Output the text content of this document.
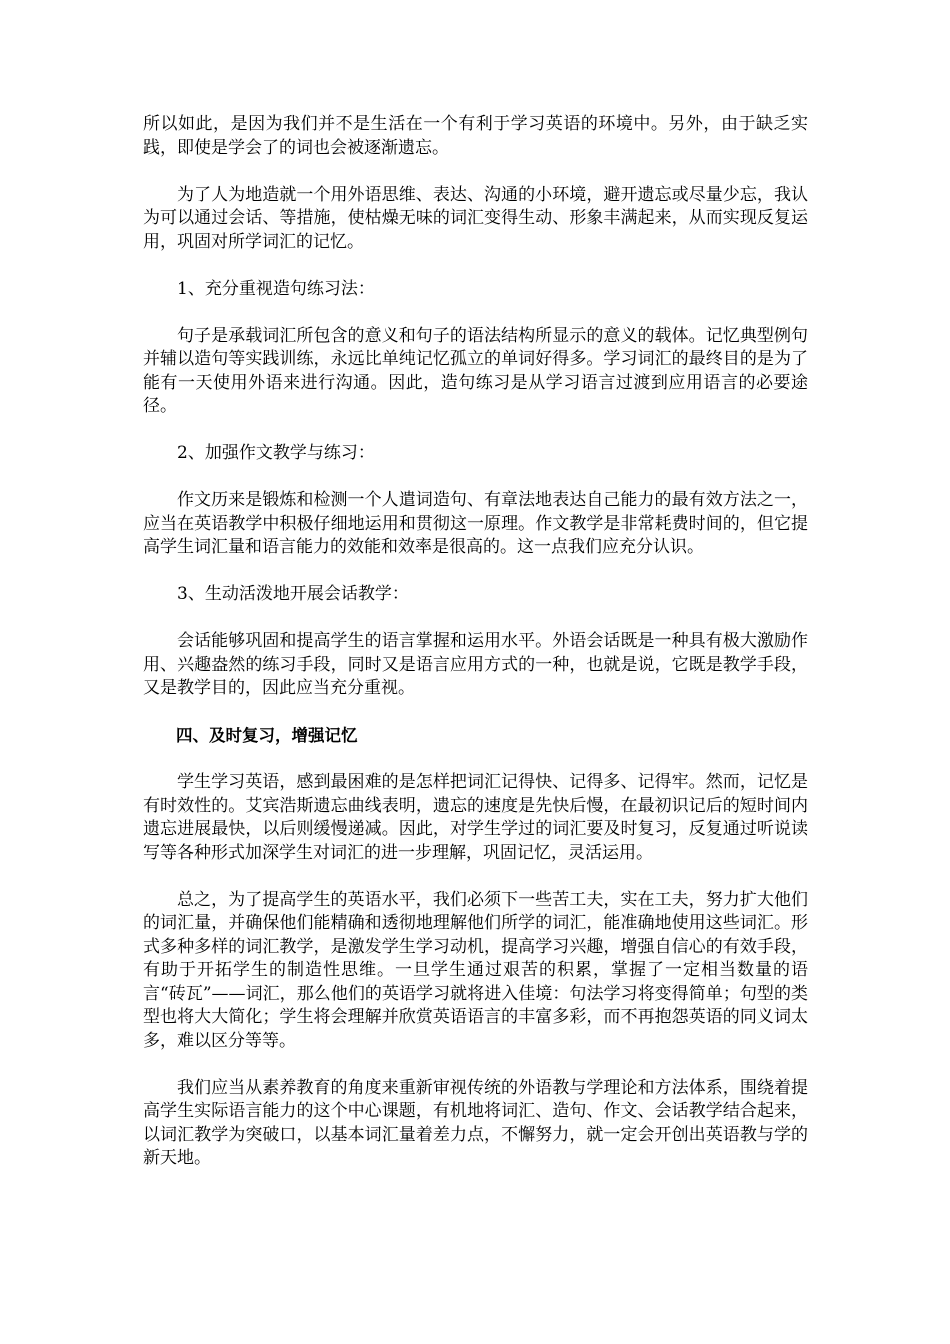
所以如此，是因为我们并不是生活在一个有利于学习英语的环境中。另外，由于缺乏实践，即使是学会了的词也会被逐渐遗忘。

为了人为地造就一个用外语思维、表达、沟通的小环境，避开遗忘或尽量少忘，我认为可以通过会话、等措施，使枯燥无味的词汇变得生动、形象丰满起来，从而实现反复运用，巩固对所学词汇的记忆。

1、充分重视造句练习法：

句子是承载词汇所包含的意义和句子的语法结构所显示的意义的载体。记忆典型例句并辅以造句等实践训练，永远比单纯记忆孤立的单词好得多。学习词汇的最终目的是为了能有一天使用外语来进行沟通。因此，造句练习是从学习语言过渡到应用语言的必要途径。

2、加强作文教学与练习：

作文历来是锻炼和检测一个人遣词造句、有章法地表达自己能力的最有效方法之一，应当在英语教学中积极仔细地运用和贯彻这一原理。作文教学是非常耗费时间的，但它提高学生词汇量和语言能力的效能和效率是很高的。这一点我们应充分认识。

3、生动活泼地开展会话教学：

会话能够巩固和提高学生的语言掌握和运用水平。外语会话既是一种具有极大激励作用、兴趣盎然的练习手段，同时又是语言应用方式的一种，也就是说，它既是教学手段，又是教学目的，因此应当充分重视。

四、及时复习，增强记忆

学生学习英语，感到最困难的是怎样把词汇记得快、记得多、记得牢。然而，记忆是有时效性的。艾宾浩斯遗忘曲线表明，遗忘的速度是先快后慢，在最初识记后的短时间内遗忘进展最快，以后则缓慢递减。因此，对学生学过的词汇要及时复习，反复通过听说读写等各种形式加深学生对词汇的进一步理解，巩固记忆，灵活运用。

总之，为了提高学生的英语水平，我们必须下一些苦工夫，实在工夫，努力扩大他们的词汇量，并确保他们能精确和透彻地理解他们所学的词汇，能准确地使用这些词汇。形式多种多样的词汇教学，是激发学生学习动机，提高学习兴趣，增强自信心的有效手段，有助于开拓学生的制造性思维。一旦学生通过艰苦的积累，掌握了一定相当数量的语言“砖瓦”——词汇，那么他们的英语学习就将进入佳境：句法学习将变得简单；句型的类型也将大大简化；学生将会理解并欣赏英语语言的丰富多彩，而不再抱怨英语的同义词太多，难以区分等等。

我们应当从素养教育的角度来重新审视传统的外语教与学理论和方法体系，围绕着提高学生实际语言能力的这个中心课题，有机地将词汇、造句、作文、会话教学结合起来，以词汇教学为突破口，以基本词汇量着差力点，不懈努力，就一定会开创出英语教与学的新天地。
